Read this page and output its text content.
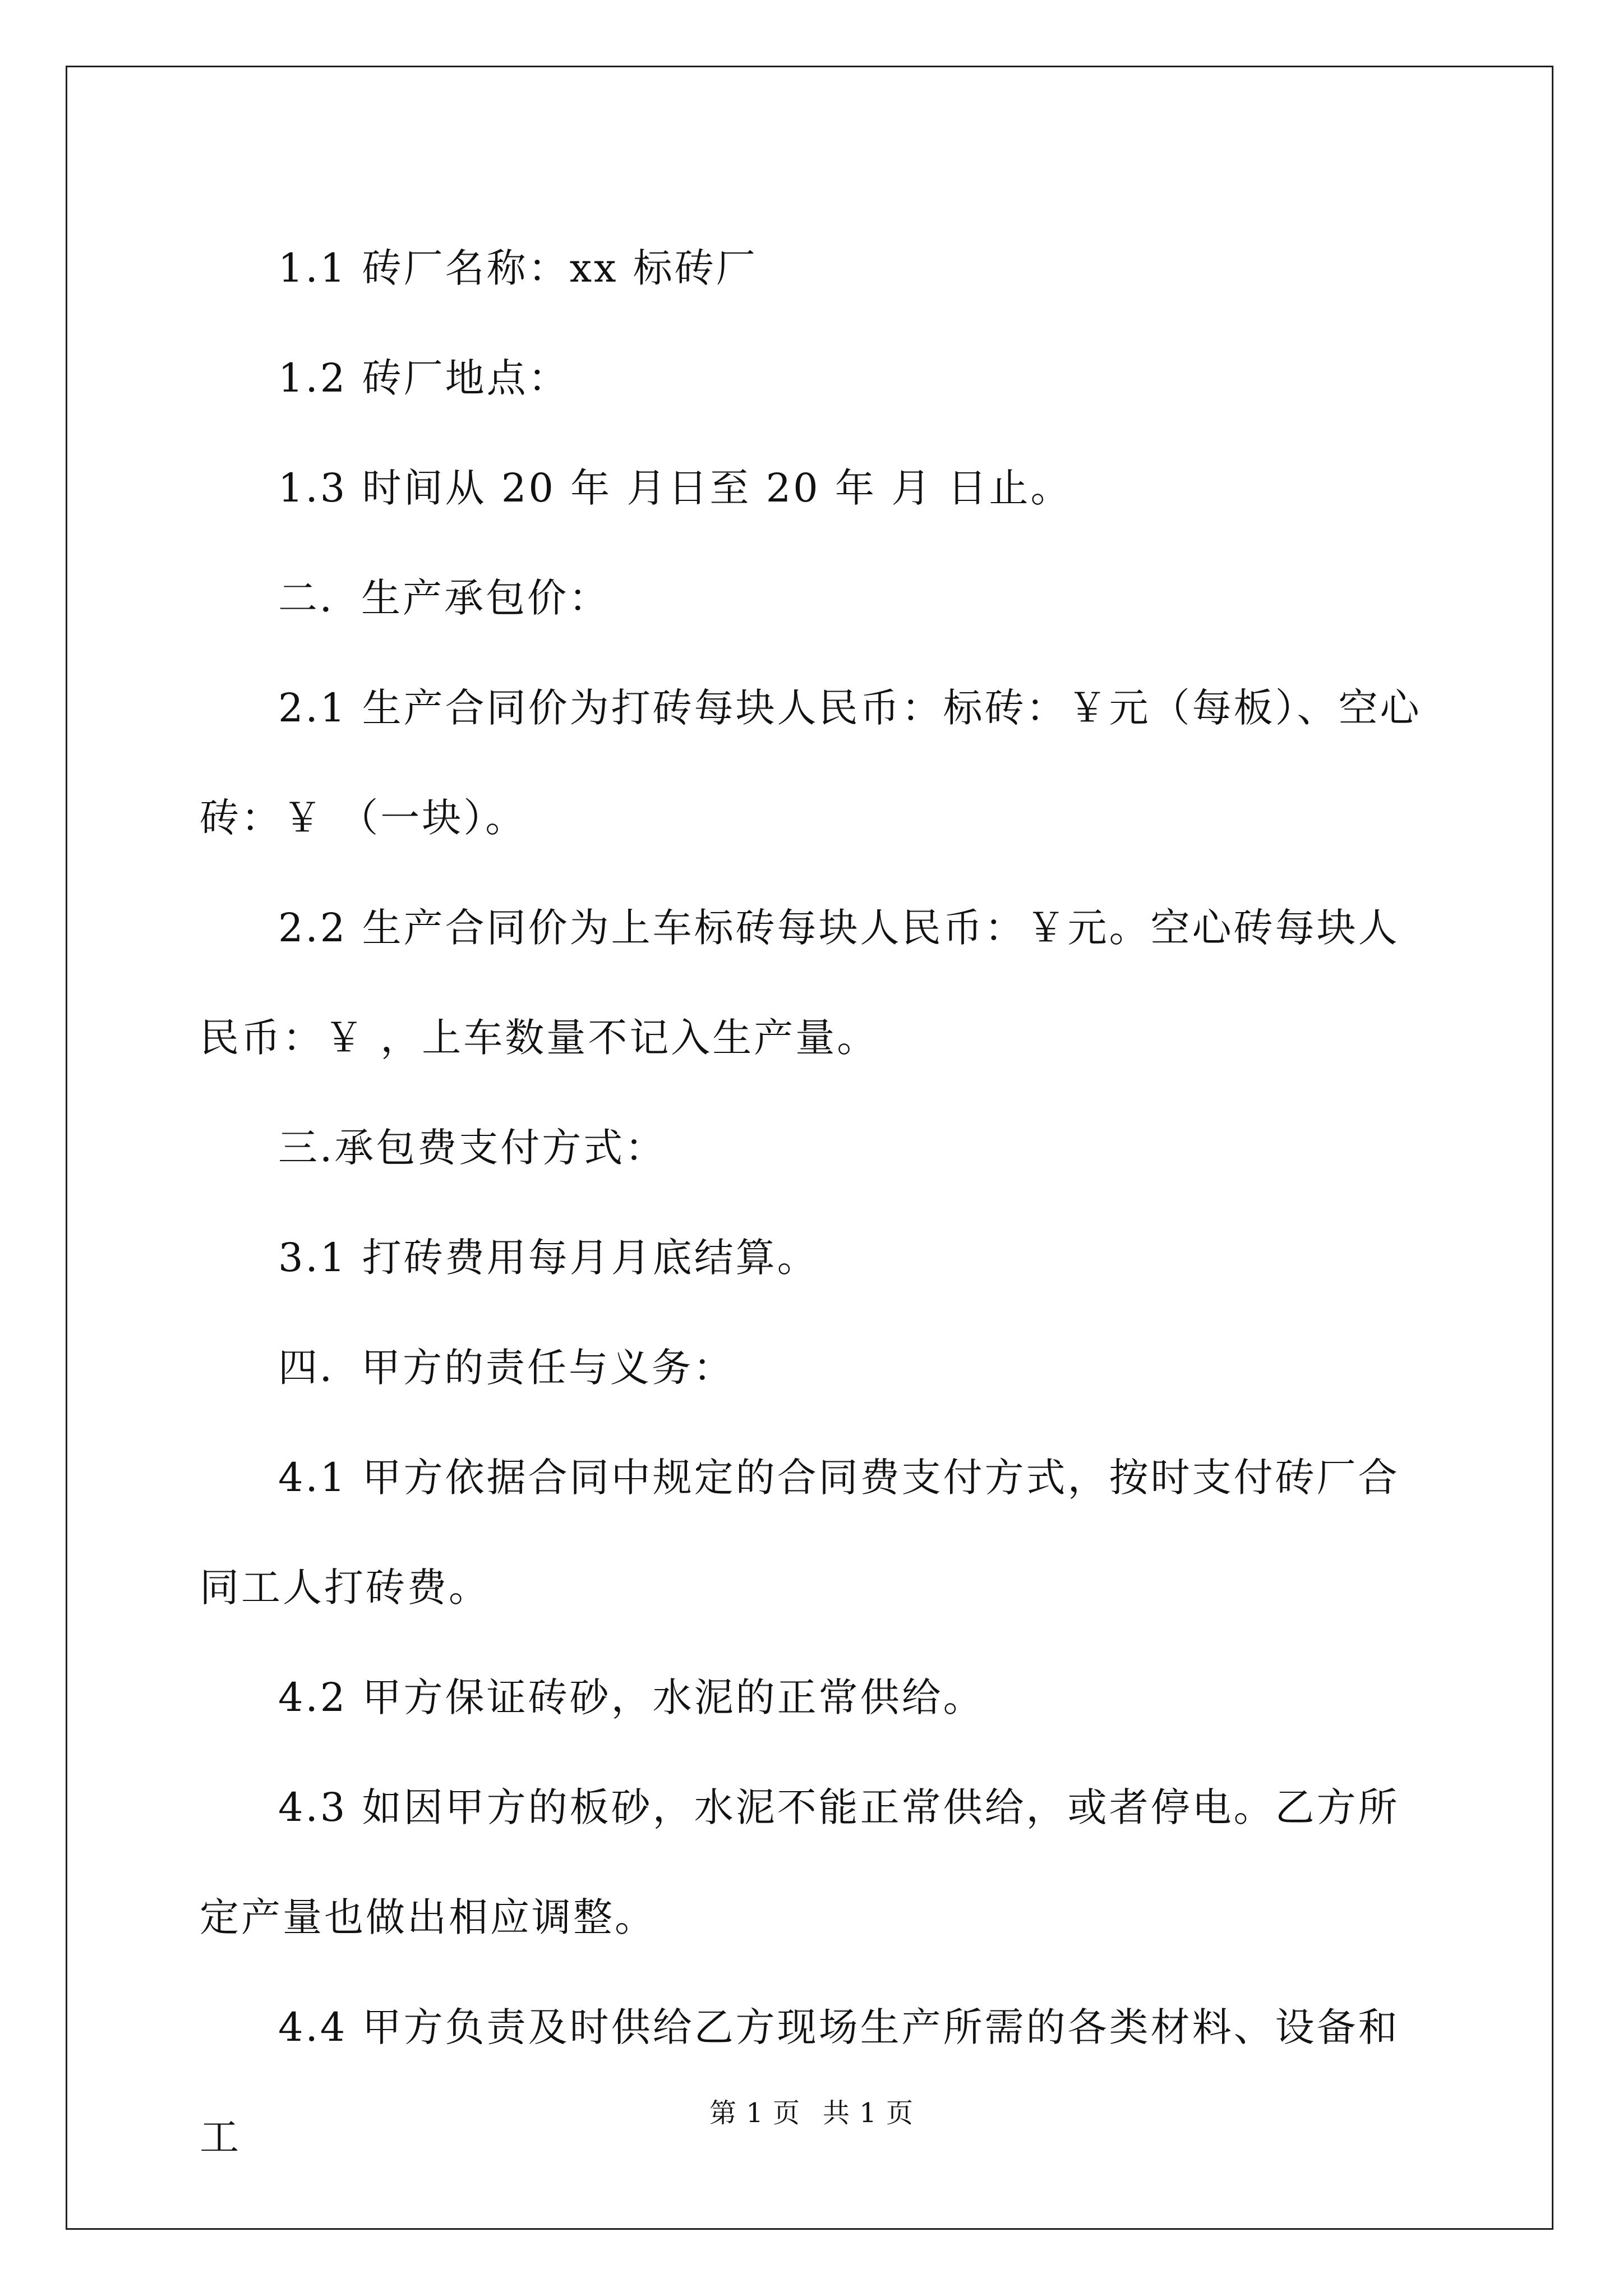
1.1 砖厂名称：xx 标砖厂

1.2 砖厂地点：

1.3 时间从 20 年 月日至 20 年 月 日止。

二．生产承包价：

2.1 生产合同价为打砖每块人民币：标砖：￥元（每板）、空心砖：￥ （一块）。

2.2 生产合同价为上车标砖每块人民币：￥元。空心砖每块人民币：￥ ，上车数量不记入生产量。

三.承包费支付方式：

3.1 打砖费用每月月底结算。

四．甲方的责任与义务：

4.1 甲方依据合同中规定的合同费支付方式，按时支付砖厂合同工人打砖费。

4.2 甲方保证砖砂，水泥的正常供给。

4.3 如因甲方的板砂，水泥不能正常供给，或者停电。乙方所定产量也做出相应调整。

4.4 甲方负责及时供给乙方现场生产所需的各类材料、设备和工

第 1 页 共 1 页
